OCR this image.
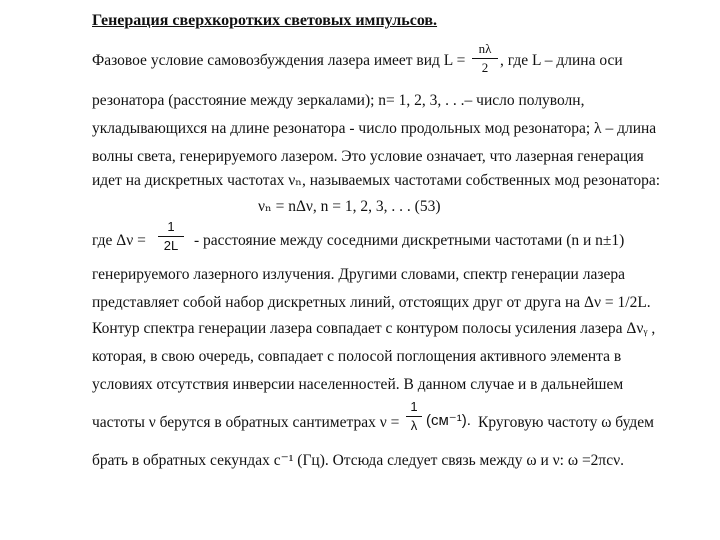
Генерация сверхкоротких световых импульсов.
Фазовое условие самовозбуждения лазера имеет вид L =
nλ
2 , где L – длина оси
резонатора (расстояние между зеркалами); n= 1, 2, 3, . . .– число полуволн,
укладывающихся на длине резонатора - число продольных мод резонатора; λ – длина
волны света, генерируемого лазером. Это условие означает, что лазерная генерация
идет на дискретных частотах νₙ, называемых частотами собственных мод резонатора:
νₙ = nΔν, n = 1, 2, 3, . . . (53)
где Δν =
1
2L	- расстояние между соседними дискретными частотами (n и n±1)
генерируемого лазерного излучения. Другими словами, спектр генерации лазера
представляет собой набор дискретных линий, отстоящих друг от друга на Δν = 1/2L.
Контур спектра генерации лазера совпадает с контуром полосы усиления лазера Δνᵧ ,
которая, в свою очередь, совпадает с полосой поглощения активного элемента в
условиях отсутствия инверсии населенностей. В данном случае и в дальнейшем
частоты ν берутся в обратных сантиметрах ν =
1
λ (см⁻¹). Круговую частоту ω будем
брать в обратных секундах с⁻¹ (Гц). Отсюда следует связь между ω и ν: ω =2πcν.
